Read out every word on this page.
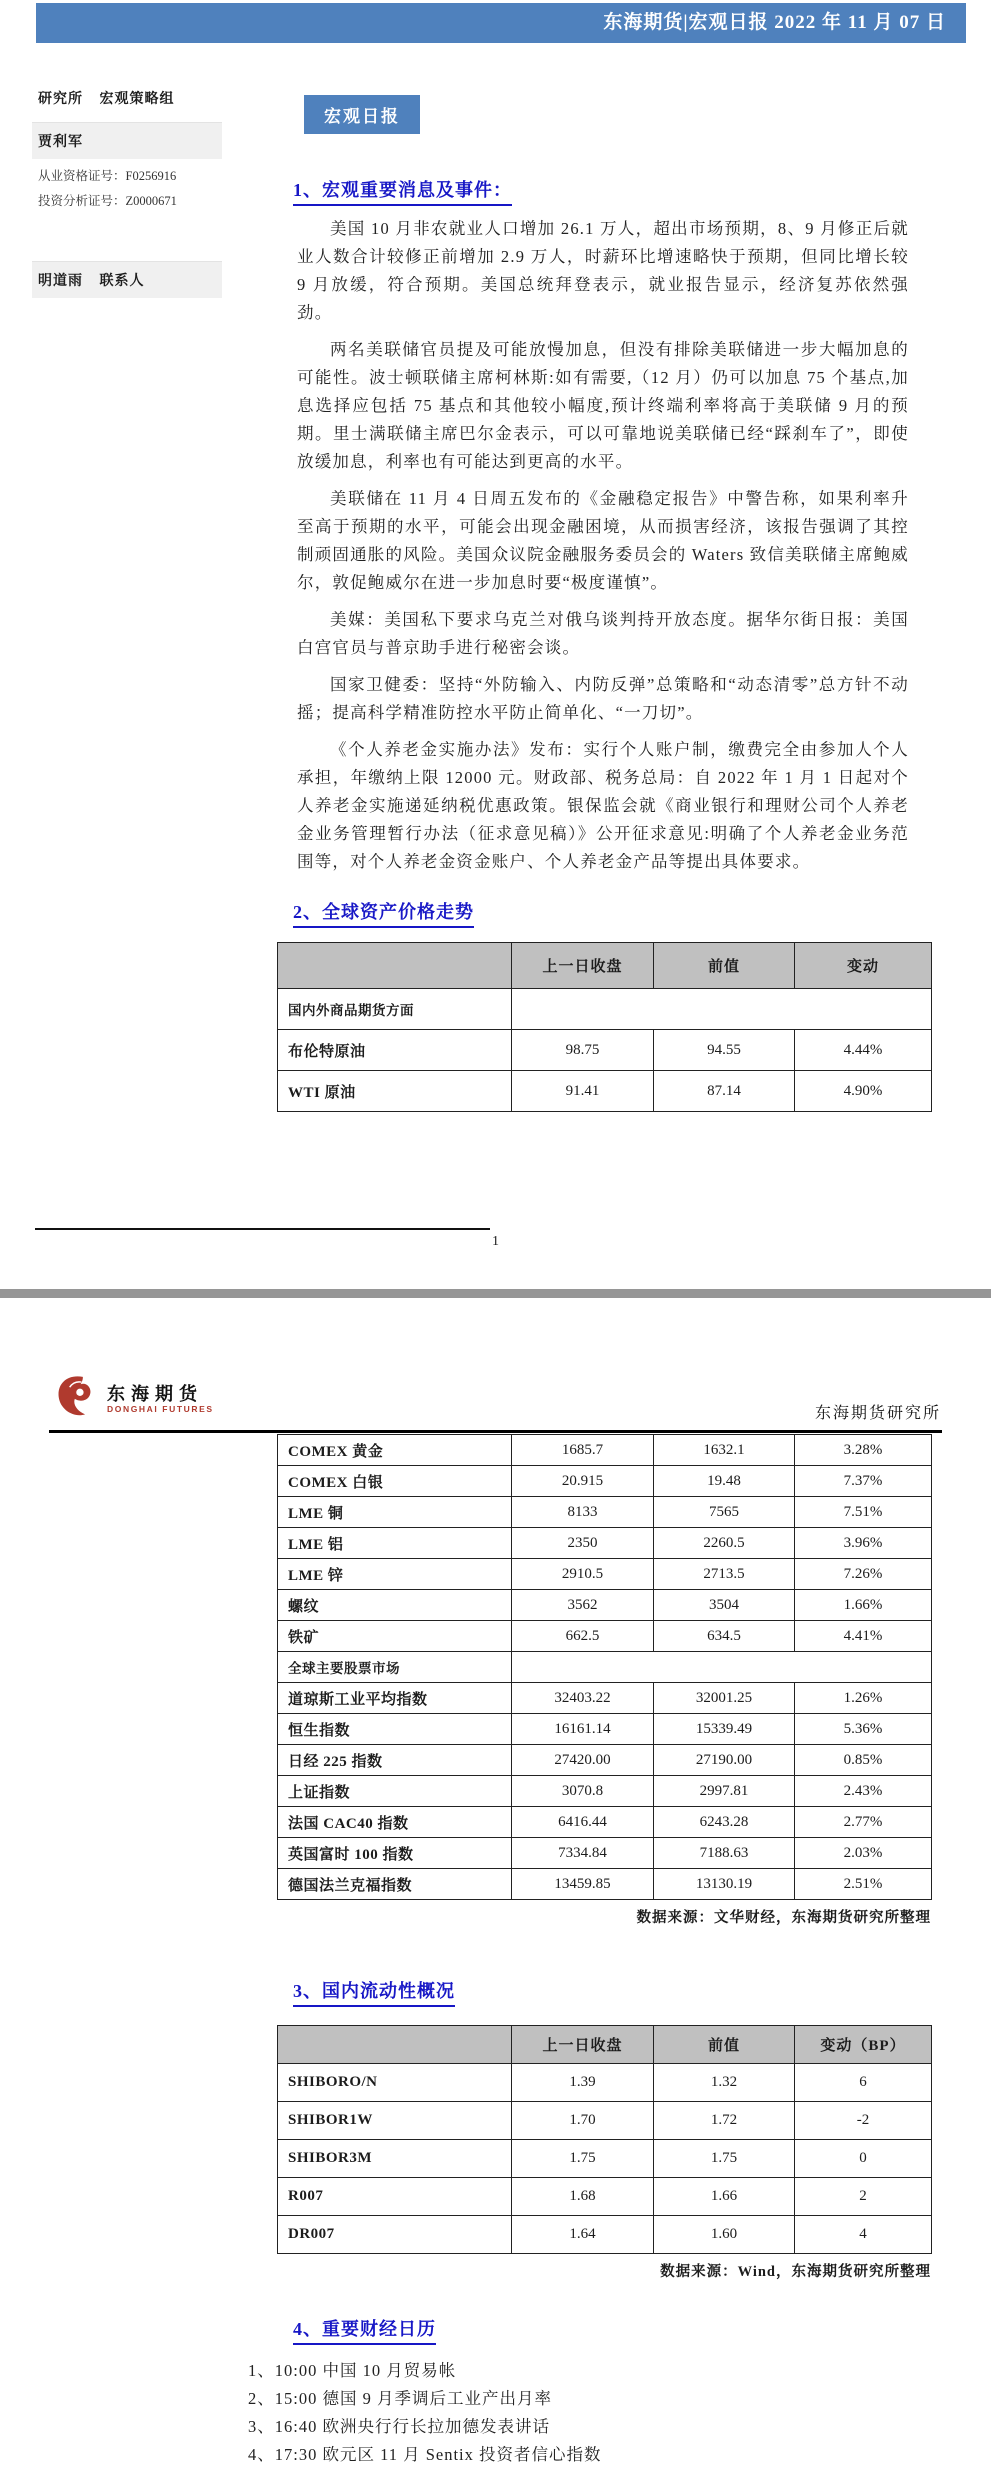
东海期货|宏观日报 2022 年 11 月 07 日
研究所 宏观策略组
贾利军
从业资格证号：F0256916
投资分析证号：Z0000671
明道雨 联系人
宏观日报
1、宏观重要消息及事件：

美国 10 月非农就业人口增加 26.1 万人，超出市场预期，8、9 月修正后就业人数合计较修正前增加 2.9 万人，时薪环比增速略快于预期，但同比增长较 9 月放缓，符合预期。美国总统拜登表示，就业报告显示，经济复苏依然强劲。

两名美联储官员提及可能放慢加息，但没有排除美联储进一步大幅加息的可能性。波士顿联储主席柯林斯:如有需要,（12 月）仍可以加息 75 个基点,加息选择应包括 75 基点和其他较小幅度,预计终端利率将高于美联储 9 月的预期。里士满联储主席巴尔金表示，可以可靠地说美联储已经“踩刹车了”，即使放缓加息，利率也有可能达到更高的水平。

美联储在 11 月 4 日周五发布的《金融稳定报告》中警告称，如果利率升至高于预期的水平，可能会出现金融困境，从而损害经济，该报告强调了其控制顽固通胀的风险。美国众议院金融服务委员会的 Waters 致信美联储主席鲍威尔，敦促鲍威尔在进一步加息时要“极度谨慎”。

美媒：美国私下要求乌克兰对俄乌谈判持开放态度。据华尔街日报：美国白宫官员与普京助手进行秘密会谈。

国家卫健委：坚持“外防输入、内防反弹”总策略和“动态清零”总方针不动摇；提高科学精准防控水平防止简单化、“一刀切”。

《个人养老金实施办法》发布：实行个人账户制，缴费完全由参加人个人承担，年缴纳上限 12000 元。财政部、税务总局：自 2022 年 1 月 1 日起对个人养老金实施递延纳税优惠政策。银保监会就《商业银行和理财公司个人养老金业务管理暂行办法（征求意见稿）》公开征求意见:明确了个人养老金业务范围等，对个人养老金资金账户、个人养老金产品等提出具体要求。

2、全球资产价格走势
	上一日收盘	前值	变动
国内外商品期货方面			
布伦特原油	98.75	94.55	4.44%
WTI 原油	91.41	87.14	4.90%
1
东海期货
DONGHAI FUTURES	东海期货研究所
COMEX 黄金	1685.7	1632.1	3.28%
COMEX 白银	20.915	19.48	7.37%
LME 铜	8133	7565	7.51%
LME 铝	2350	2260.5	3.96%
LME 锌	2910.5	2713.5	7.26%
螺纹	3562	3504	1.66%
铁矿	662.5	634.5	4.41%
全球主要股票市场			
道琼斯工业平均指数	32403.22	32001.25	1.26%
恒生指数	16161.14	15339.49	5.36%
日经 225 指数	27420.00	27190.00	0.85%
上证指数	3070.8	2997.81	2.43%
法国 CAC40 指数	6416.44	6243.28	2.77%
英国富时 100 指数	7334.84	7188.63	2.03%
德国法兰克福指数	13459.85	13130.19	2.51%
数据来源：文华财经，东海期货研究所整理
3、国内流动性概况
	上一日收盘	前值	变动（BP）
SHIBORO/N	1.39	1.32	6
SHIBOR1W	1.70	1.72	-2
SHIBOR3M	1.75	1.75	0
R007	1.68	1.66	2
DR007	1.64	1.60	4
数据来源：Wind，东海期货研究所整理
4、重要财经日历
1、10:00 中国 10 月贸易帐
2、15:00 德国 9 月季调后工业产出月率
3、16:40 欧洲央行行长拉加德发表讲话
4、17:30 欧元区 11 月 Sentix 投资者信心指数
